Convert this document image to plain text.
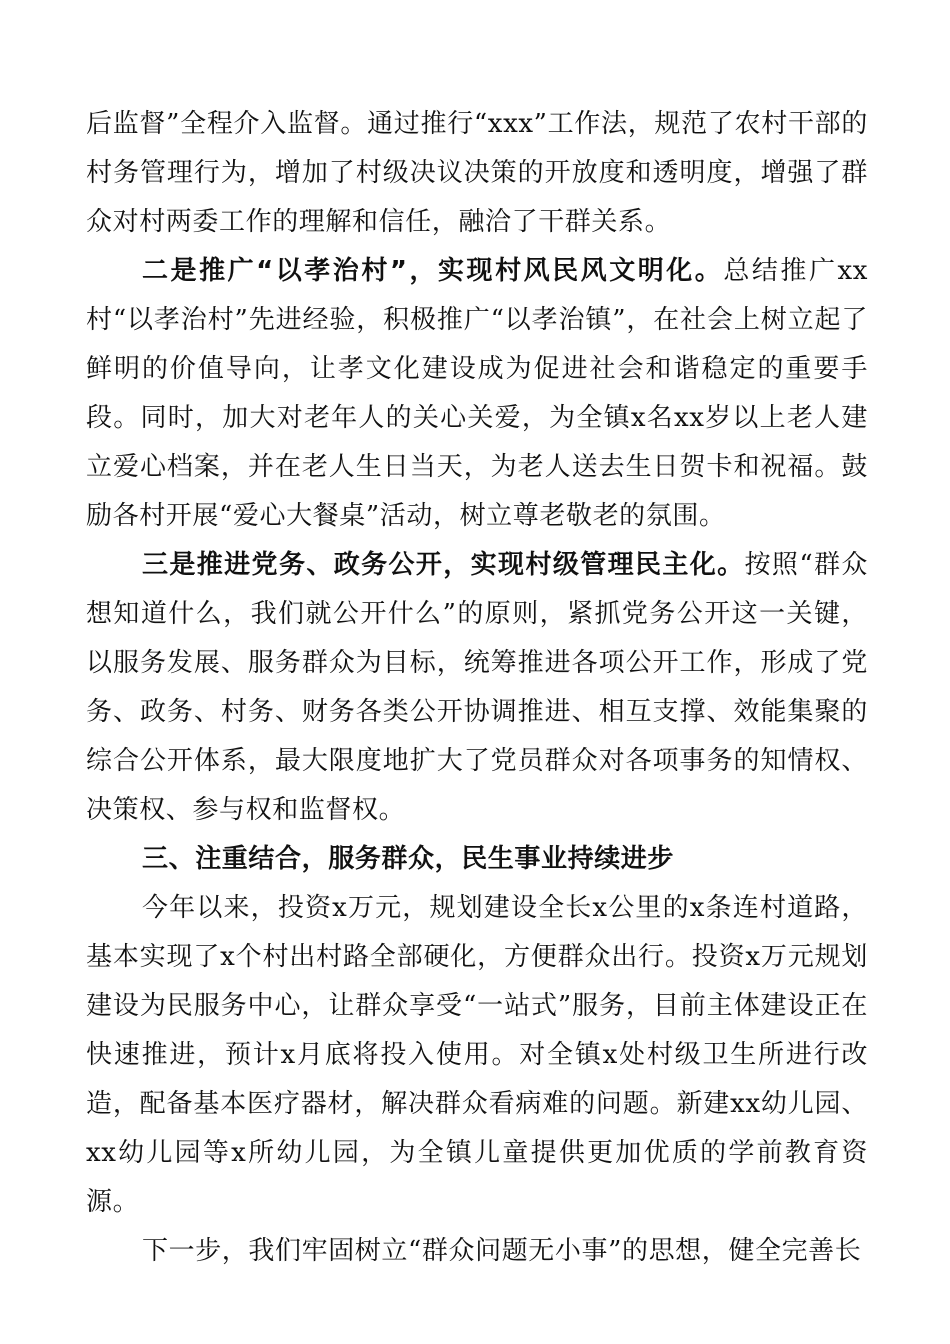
后监督”全程介入监督。通过推行“xxx”工作法，规范了农村干部的村务管理行为，增加了村级决议决策的开放度和透明度，增强了群众对村两委工作的理解和信任，融洽了干群关系。

二是推广“以孝治村”，实现村风民风文明化。总结推广xx村“以孝治村”先进经验，积极推广“以孝治镇”，在社会上树立起了鲜明的价值导向，让孝文化建设成为促进社会和谐稳定的重要手段。同时，加大对老年人的关心关爱，为全镇x名xx岁以上老人建立爱心档案，并在老人生日当天，为老人送去生日贺卡和祝福。鼓励各村开展“爱心大餐桌”活动，树立尊老敬老的氛围。

三是推进党务、政务公开，实现村级管理民主化。按照“群众想知道什么，我们就公开什么”的原则，紧抓党务公开这一关键，以服务发展、服务群众为目标，统筹推进各项公开工作，形成了党务、政务、村务、财务各类公开协调推进、相互支撑、效能集聚的综合公开体系，最大限度地扩大了党员群众对各项事务的知情权、决策权、参与权和监督权。

三、注重结合，服务群众，民生事业持续进步

今年以来，投资x万元，规划建设全长x公里的x条连村道路，基本实现了x个村出村路全部硬化，方便群众出行。投资x万元规划建设为民服务中心，让群众享受“一站式”服务，目前主体建设正在快速推进，预计x月底将投入使用。对全镇x处村级卫生所进行改造，配备基本医疗器材，解决群众看病难的问题。新建xx幼儿园、xx幼儿园等x所幼儿园，为全镇儿童提供更加优质的学前教育资源。

下一步，我们牢固树立“群众问题无小事”的思想，健全完善长
